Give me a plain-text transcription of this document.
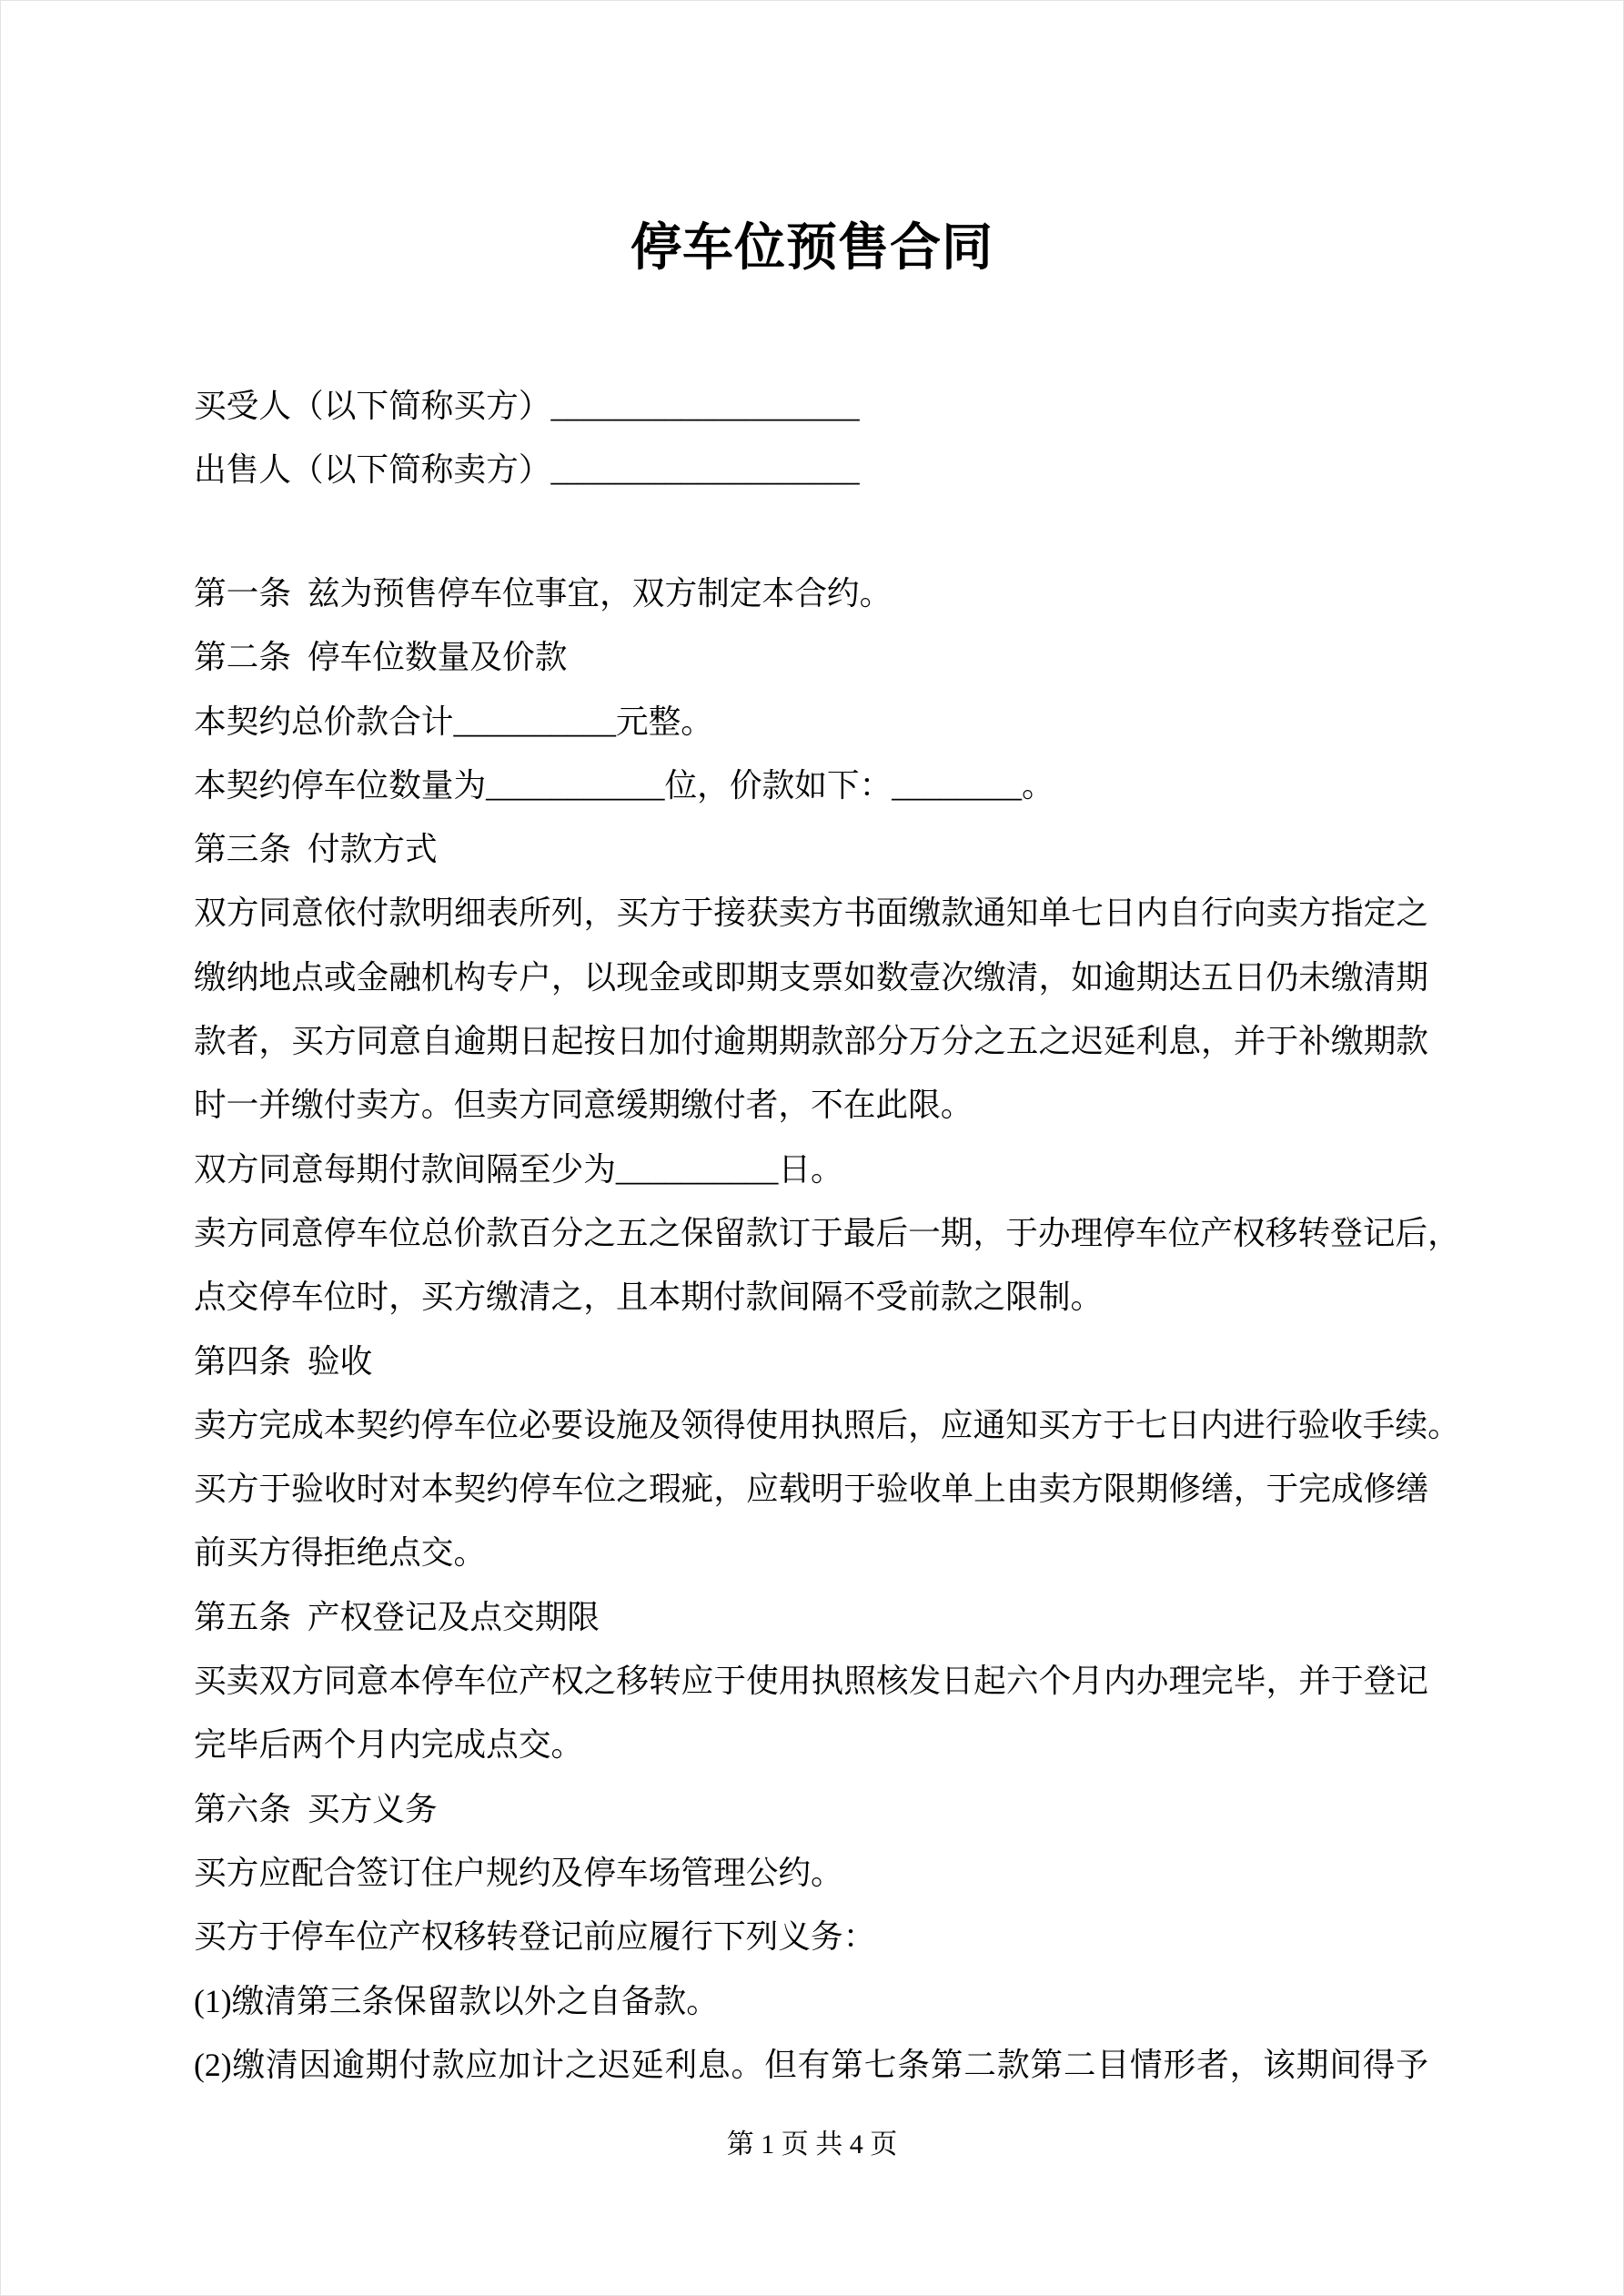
停车位预售合同
买受人（以下简称买方）___________________
出售人（以下简称卖方）___________________
第一条 兹为预售停车位事宜，双方制定本合约。
第二条 停车位数量及价款
本契约总价款合计__________元整。
本契约停车位数量为___________位，价款如下：________。
第三条 付款方式
双方同意依付款明细表所列，买方于接获卖方书面缴款通知单七日内自行向卖方指定之
缴纳地点或金融机构专户，以现金或即期支票如数壹次缴清，如逾期达五日仍未缴清期
款者，买方同意自逾期日起按日加付逾期期款部分万分之五之迟延利息，并于补缴期款
时一并缴付卖方。但卖方同意缓期缴付者，不在此限。
双方同意每期付款间隔至少为__________日。
卖方同意停车位总价款百分之五之保留款订于最后一期，于办理停车位产权移转登记后，
点交停车位时，买方缴清之，且本期付款间隔不受前款之限制。
第四条 验收
卖方完成本契约停车位必要设施及领得使用执照后，应通知买方于七日内进行验收手续。
买方于验收时对本契约停车位之瑕疵，应载明于验收单上由卖方限期修缮，于完成修缮
前买方得拒绝点交。
第五条 产权登记及点交期限
买卖双方同意本停车位产权之移转应于使用执照核发日起六个月内办理完毕，并于登记
完毕后两个月内完成点交。
第六条 买方义务
买方应配合签订住户规约及停车场管理公约。
买方于停车位产权移转登记前应履行下列义务：
(1)缴清第三条保留款以外之自备款。
(2)缴清因逾期付款应加计之迟延利息。但有第七条第二款第二目情形者，该期间得予
第 1 页 共 4 页
